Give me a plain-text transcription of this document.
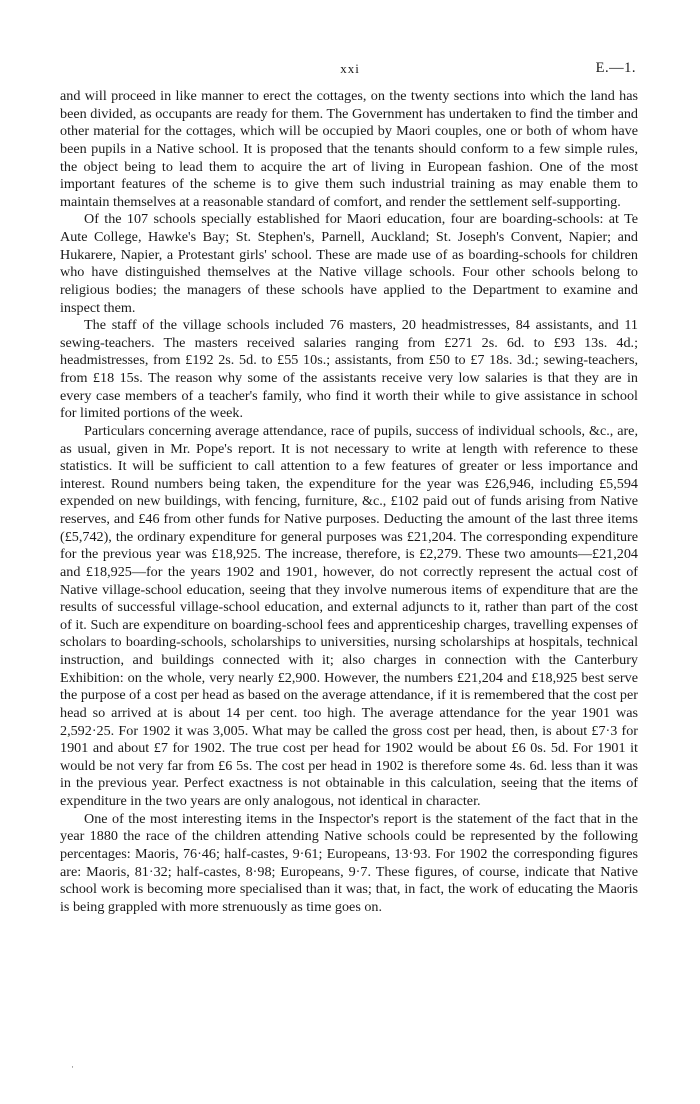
xxi	E.—1.

and will proceed in like manner to erect the cottages, on the twenty sections into which the land has been divided, as occupants are ready for them. The Government has undertaken to find the timber and other material for the cottages, which will be occupied by Maori couples, one or both of whom have been pupils in a Native school. It is proposed that the tenants should conform to a few simple rules, the object being to lead them to acquire the art of living in European fashion. One of the most important features of the scheme is to give them such industrial training as may enable them to maintain themselves at a reasonable standard of comfort, and render the settlement self-supporting.

Of the 107 schools specially established for Maori education, four are boarding-schools: at Te Aute College, Hawke's Bay; St. Stephen's, Parnell, Auckland; St. Joseph's Convent, Napier; and Hukarere, Napier, a Protestant girls' school. These are made use of as boarding-schools for children who have distinguished themselves at the Native village schools. Four other schools belong to religious bodies; the managers of these schools have applied to the Department to examine and inspect them.

The staff of the village schools included 76 masters, 20 headmistresses, 84 assistants, and 11 sewing-teachers. The masters received salaries ranging from £271 2s. 6d. to £93 13s. 4d.; headmistresses, from £192 2s. 5d. to £55 10s.; assistants, from £50 to £7 18s. 3d.; sewing-teachers, from £18 15s. The reason why some of the assistants receive very low salaries is that they are in every case members of a teacher's family, who find it worth their while to give assistance in school for limited portions of the week.

Particulars concerning average attendance, race of pupils, success of individual schools, &c., are, as usual, given in Mr. Pope's report. It is not necessary to write at length with reference to these statistics. It will be sufficient to call attention to a few features of greater or less importance and interest. Round numbers being taken, the expenditure for the year was £26,946, including £5,594 expended on new buildings, with fencing, furniture, &c., £102 paid out of funds arising from Native reserves, and £46 from other funds for Native purposes. Deducting the amount of the last three items (£5,742), the ordinary expenditure for general purposes was £21,204. The corresponding expenditure for the previous year was £18,925. The increase, therefore, is £2,279. These two amounts—£21,204 and £18,925—for the years 1902 and 1901, however, do not correctly represent the actual cost of Native village-school education, seeing that they involve numerous items of expenditure that are the results of successful village-school education, and external adjuncts to it, rather than part of the cost of it. Such are expenditure on boarding-school fees and apprenticeship charges, travelling expenses of scholars to boarding-schools, scholarships to universities, nursing scholarships at hospitals, technical instruction, and buildings connected with it; also charges in connection with the Canterbury Exhibition: on the whole, very nearly £2,900. However, the numbers £21,204 and £18,925 best serve the purpose of a cost per head as based on the average attendance, if it is remembered that the cost per head so arrived at is about 14 per cent. too high. The average attendance for the year 1901 was 2,592·25. For 1902 it was 3,005. What may be called the gross cost per head, then, is about £7·3 for 1901 and about £7 for 1902. The true cost per head for 1902 would be about £6 0s. 5d. For 1901 it would be not very far from £6 5s. The cost per head in 1902 is therefore some 4s. 6d. less than it was in the previous year. Perfect exactness is not obtainable in this calculation, seeing that the items of expenditure in the two years are only analogous, not identical in character.

One of the most interesting items in the Inspector's report is the statement of the fact that in the year 1880 the race of the children attending Native schools could be represented by the following percentages: Maoris, 76·46; half-castes, 9·61; Europeans, 13·93. For 1902 the corresponding figures are: Maoris, 81·32; half-castes, 8·98; Europeans, 9·7. These figures, of course, indicate that Native school work is becoming more specialised than it was; that, in fact, the work of educating the Maoris is being grappled with more strenuously as time goes on.

·
